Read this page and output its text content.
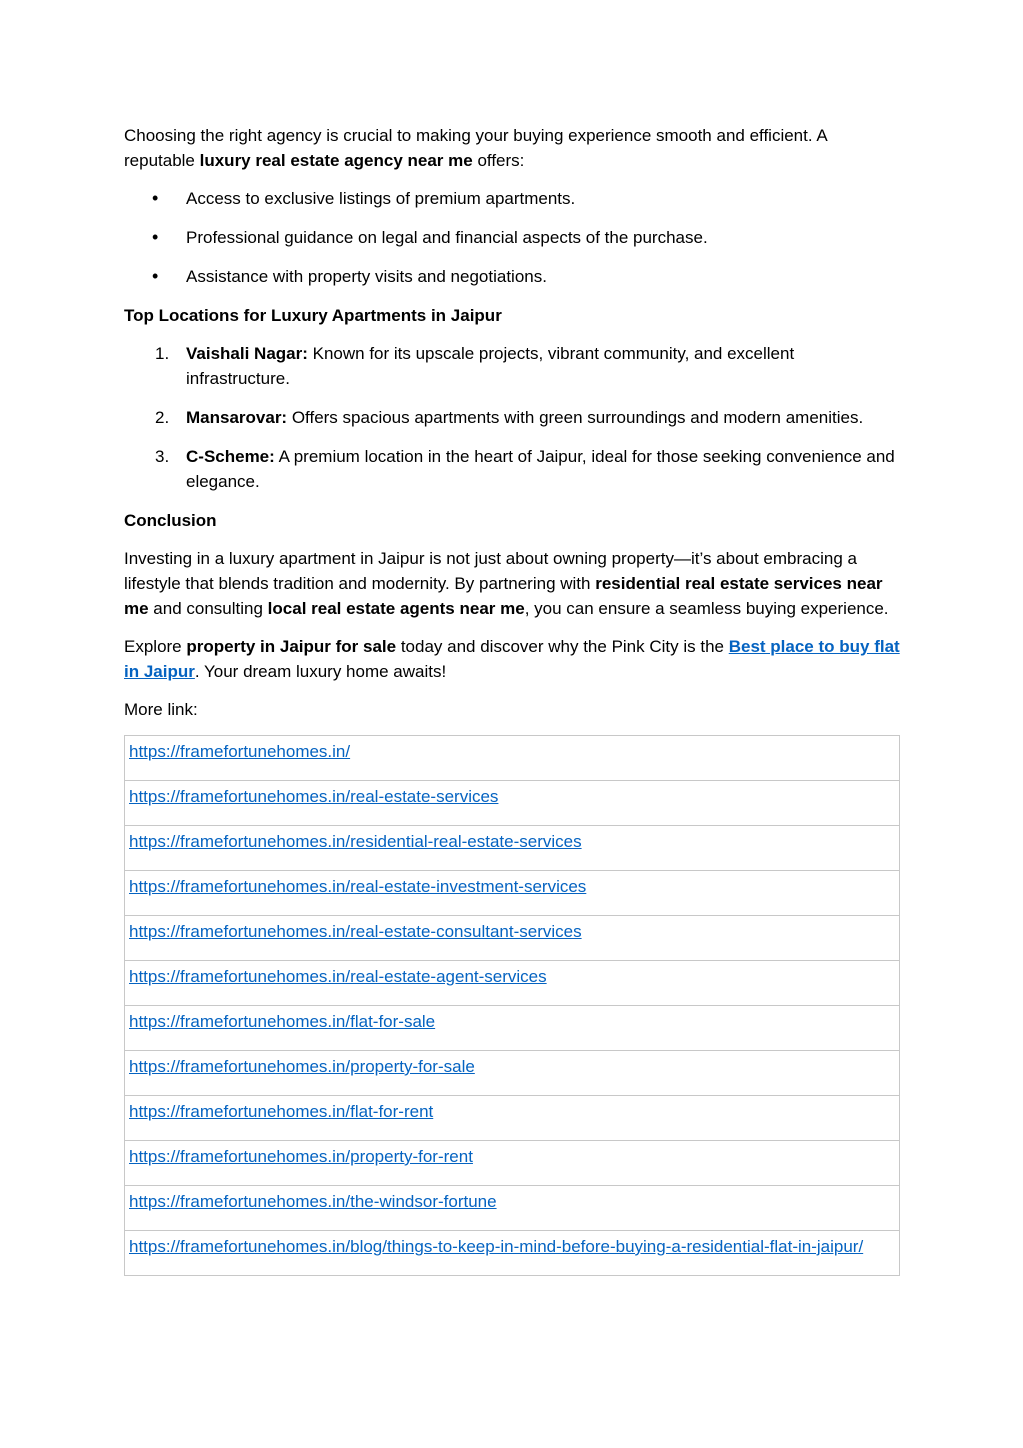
Choosing the right agency is crucial to making your buying experience smooth and efficient. A reputable luxury real estate agency near me offers:

• Access to exclusive listings of premium apartments.
• Professional guidance on legal and financial aspects of the purchase.
• Assistance with property visits and negotiations.

Top Locations for Luxury Apartments in Jaipur

1. Vaishali Nagar: Known for its upscale projects, vibrant community, and excellent infrastructure.
2. Mansarovar: Offers spacious apartments with green surroundings and modern amenities.
3. C-Scheme: A premium location in the heart of Jaipur, ideal for those seeking convenience and elegance.

Conclusion

Investing in a luxury apartment in Jaipur is not just about owning property—it’s about embracing a lifestyle that blends tradition and modernity. By partnering with residential real estate services near me and consulting local real estate agents near me, you can ensure a seamless buying experience.

Explore property in Jaipur for sale today and discover why the Pink City is the Best place to buy flat in Jaipur. Your dream luxury home awaits!

More link:

https://framefortunehomes.in/
https://framefortunehomes.in/real-estate-services
https://framefortunehomes.in/residential-real-estate-services
https://framefortunehomes.in/real-estate-investment-services
https://framefortunehomes.in/real-estate-consultant-services
https://framefortunehomes.in/real-estate-agent-services
https://framefortunehomes.in/flat-for-sale
https://framefortunehomes.in/property-for-sale
https://framefortunehomes.in/flat-for-rent
https://framefortunehomes.in/property-for-rent
https://framefortunehomes.in/the-windsor-fortune
https://framefortunehomes.in/blog/things-to-keep-in-mind-before-buying-a-residential-flat-in-jaipur/
